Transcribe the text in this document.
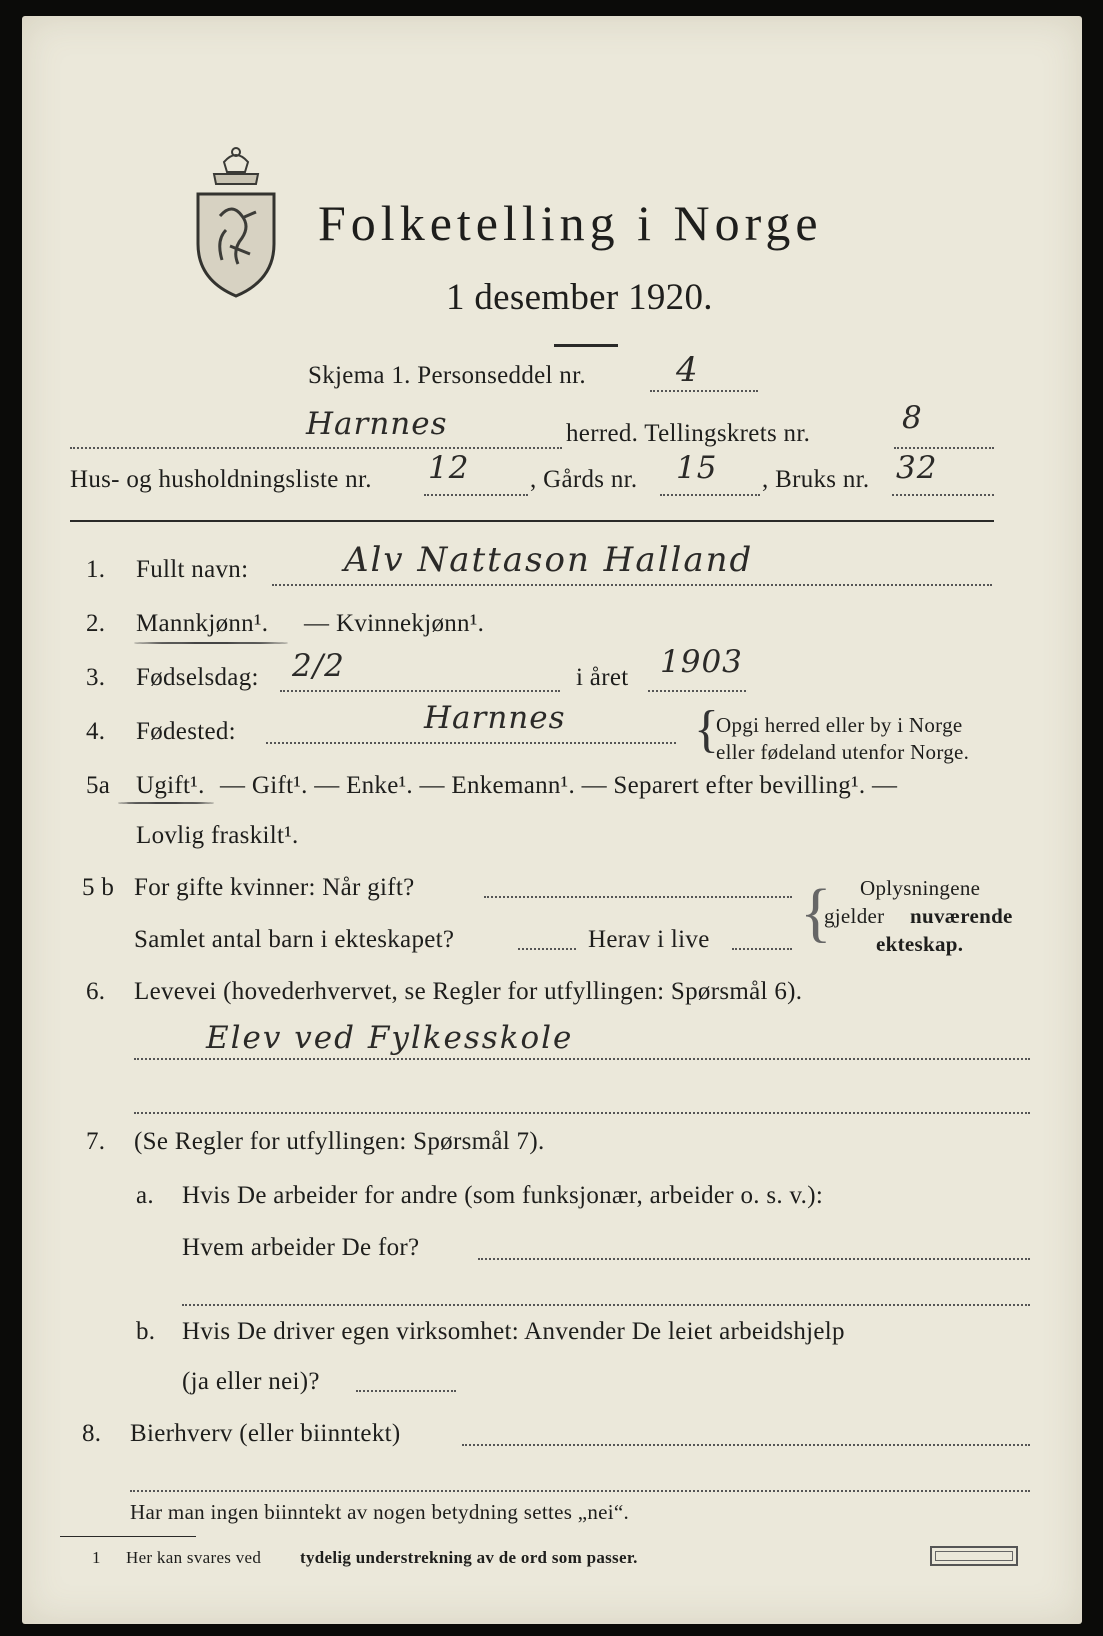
Folketelling i Norge
1 desember 1920.
Skjema 1. Personseddel nr.	4
Harnnes	herred. Tellingskrets nr.	8
Hus- og husholdningsliste nr. 12 , Gårds nr. 15 , Bruks nr. 32
1. Fullt navn:	Alv Nattason Halland
2. Mannkjønn¹. — Kvinnekjønn¹.
3. Fødselsdag: 2/2	i året 1903
4. Fødested:	Harnnes {
Opgi herred eller by i Norge
eller fødeland utenfor Norge.
5a Ugift¹. — Gift¹. — Enke¹. — Enkemann¹. — Separert efter bevilling¹. —
Lovlig fraskilt¹.
5 b For gifte kvinner: Når gift?
Samlet antal barn i ekteskapet?	Herav i live { Oplysningene
gjelder nuværende
ekteskap.
6. Levevei (hovederhvervet, se Regler for utfyllingen: Spørsmål 6).
Elev ved Fylkesskole
7. (Se Regler for utfyllingen: Spørsmål 7).
a. Hvis De arbeider for andre (som funksjonær, arbeider o. s. v.):
Hvem arbeider De for?
b. Hvis De driver egen virksomhet: Anvender De leiet arbeidshjelp
(ja eller nei)?
8. Bierhverv (eller biinntekt)
Har man ingen biinntekt av nogen betydning settes „nei“.
1 Her kan svares ved tydelig understrekning av de ord som passer.
